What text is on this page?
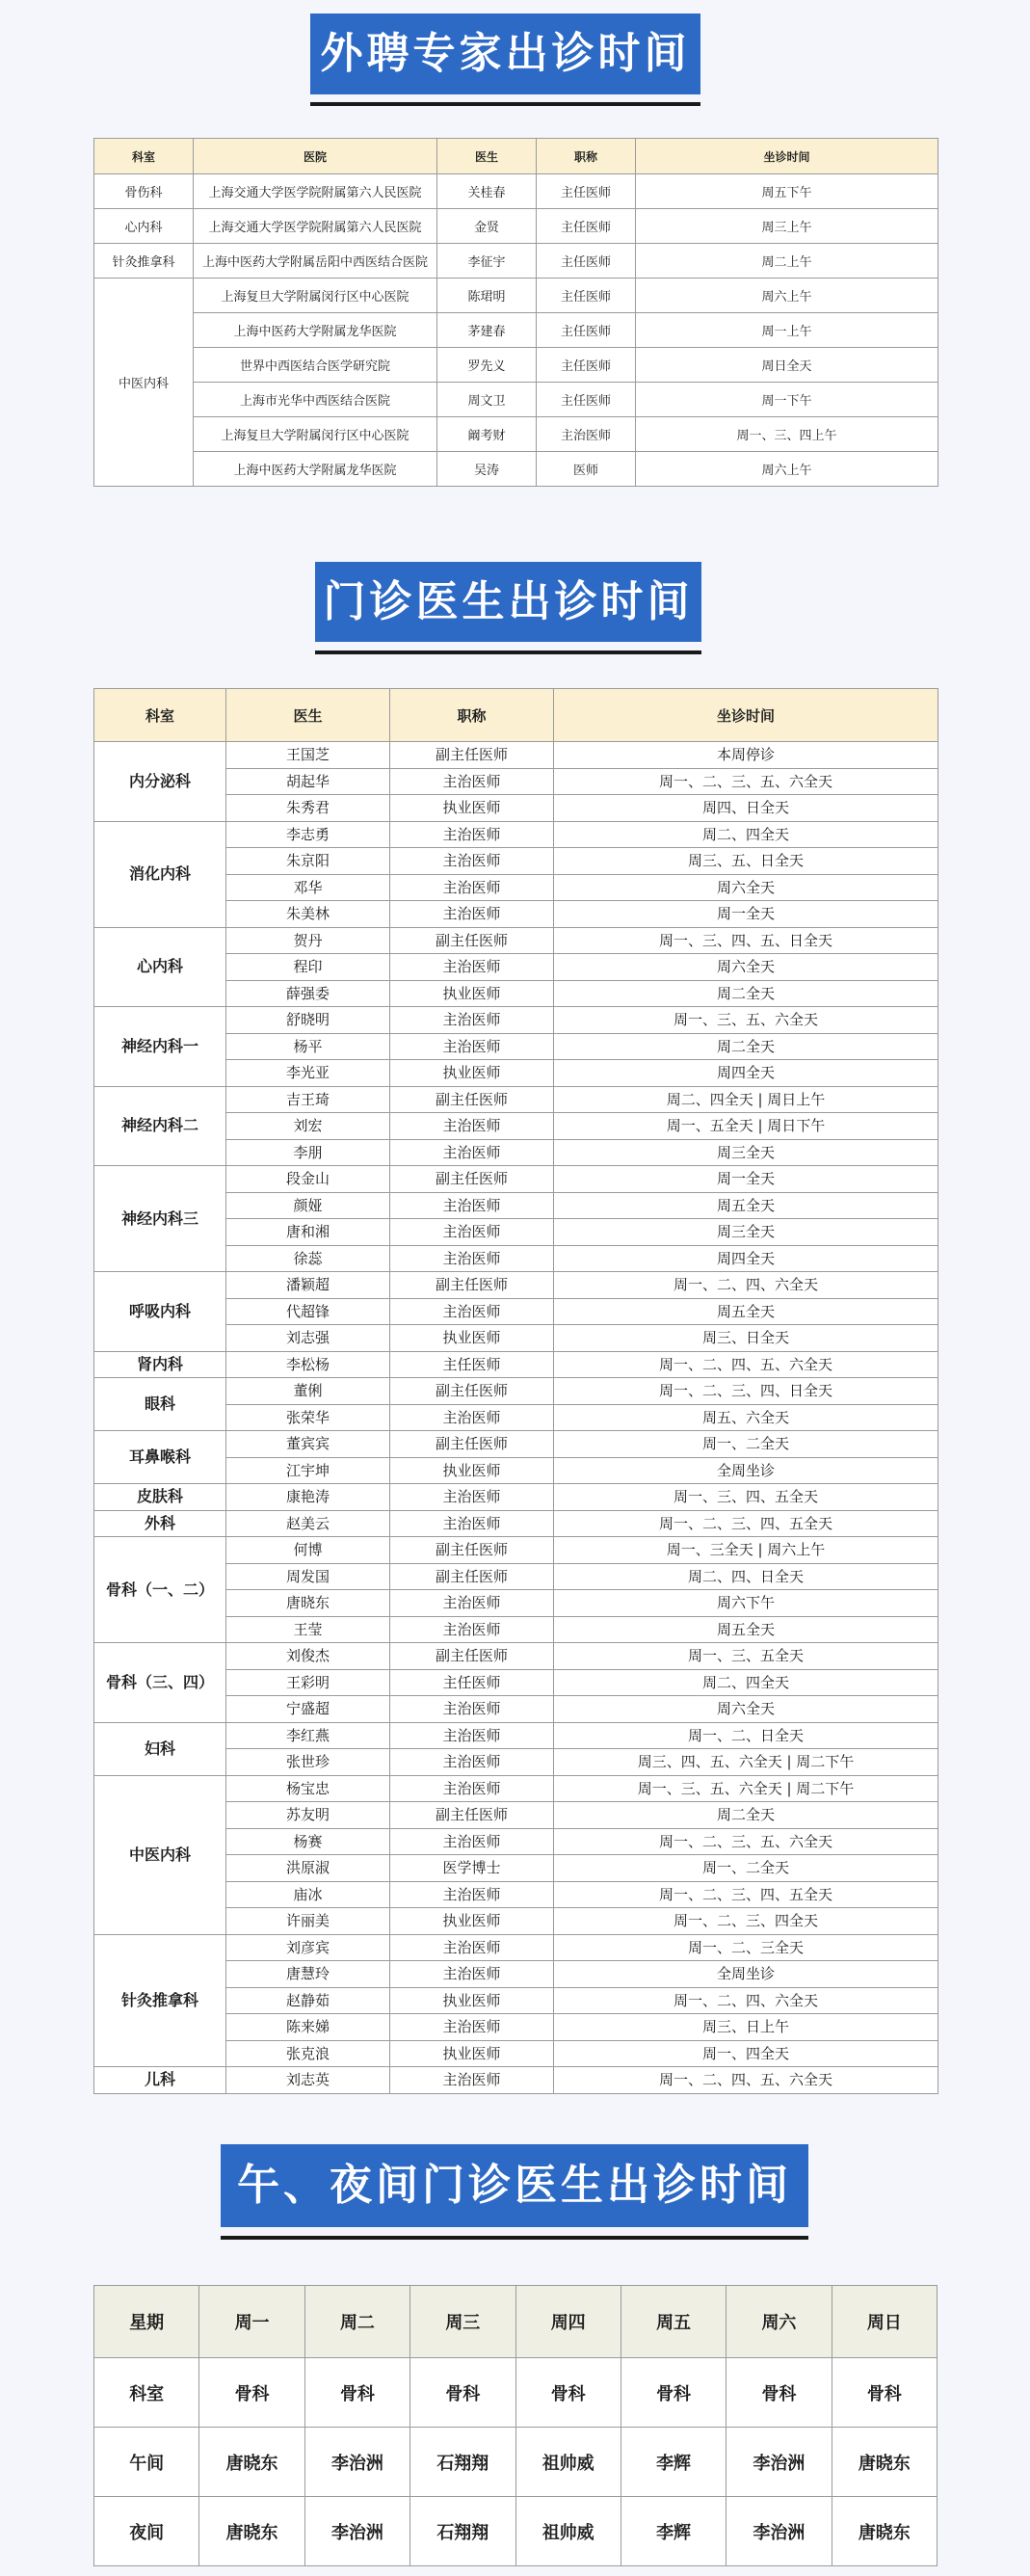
外聘专家出诊时间
科室	医院	医生	职称	坐诊时间
骨伤科	上海交通大学医学院附属第六人民医院	关桂春	主任医师	周五下午
心内科	上海交通大学医学院附属第六人民医院	金贤	主任医师	周三上午
针灸推拿科	上海中医药大学附属岳阳中西医结合医院	李征宇	主任医师	周二上午
中医内科	上海复旦大学附属闵行区中心医院	陈珺明	主任医师	周六上午
	上海中医药大学附属龙华医院	茅建春	主任医师	周一上午
	世界中西医结合医学研究院	罗先义	主任医师	周日全天
	上海市光华中西医结合医院	周文卫	主任医师	周一下午
	上海复旦大学附属闵行区中心医院	阚考财	主治医师	周一、三、四上午
	上海中医药大学附属龙华医院	吴涛	医师	周六上午
门诊医生出诊时间
科室	医生	职称	坐诊时间
内分泌科	王国芝	副主任医师	本周停诊
	胡起华	主治医师	周一、二、三、五、六全天
	朱秀君	执业医师	周四、日全天
消化内科	李志勇	主治医师	周二、四全天
	朱京阳	主治医师	周三、五、日全天
	邓华	主治医师	周六全天
	朱美林	主治医师	周一全天
心内科	贺丹	副主任医师	周一、三、四、五、日全天
	程印	主治医师	周六全天
	薛强委	执业医师	周二全天
神经内科一	舒晓明	主治医师	周一、三、五、六全天
	杨平	主治医师	周二全天
	李光亚	执业医师	周四全天
神经内科二	吉王琦	副主任医师	周二、四全天 | 周日上午
	刘宏	主治医师	周一、五全天 | 周日下午
	李朋	主治医师	周三全天
神经内科三	段金山	副主任医师	周一全天
	颜娅	主治医师	周五全天
	唐和湘	主治医师	周三全天
	徐蕊	主治医师	周四全天
呼吸内科	潘颖超	副主任医师	周一、二、四、六全天
	代超锋	主治医师	周五全天
	刘志强	执业医师	周三、日全天
肾内科	李松杨	主任医师	周一、二、四、五、六全天
眼科	董俐	副主任医师	周一、二、三、四、日全天
	张荣华	主治医师	周五、六全天
耳鼻喉科	董宾宾	副主任医师	周一、二全天
	江宇坤	执业医师	全周坐诊
皮肤科	康艳涛	主治医师	周一、三、四、五全天
外科	赵美云	主治医师	周一、二、三、四、五全天
骨科（一、二）	何博	副主任医师	周一、三全天 | 周六上午
	周发国	副主任医师	周二、四、日全天
	唐晓东	主治医师	周六下午
	王莹	主治医师	周五全天
骨科（三、四）	刘俊杰	副主任医师	周一、三、五全天
	王彩明	主任医师	周二、四全天
	宁盛超	主治医师	周六全天
妇科	李红燕	主治医师	周一、二、日全天
	张世珍	主治医师	周三、四、五、六全天 | 周二下午
中医内科	杨宝忠	主治医师	周一、三、五、六全天 | 周二下午
	苏友明	副主任医师	周二全天
	杨赛	主治医师	周一、二、三、五、六全天
	洪原淑	医学博士	周一、二全天
	庙冰	主治医师	周一、二、三、四、五全天
	许丽美	执业医师	周一、二、三、四全天
针灸推拿科	刘彦宾	主治医师	周一、二、三全天
	唐慧玲	主治医师	全周坐诊
	赵静茹	执业医师	周一、二、四、六全天
	陈来娣	主治医师	周三、日上午
	张克浪	执业医师	周一、四全天
儿科	刘志英	主治医师	周一、二、四、五、六全天
午、夜间门诊医生出诊时间
星期	周一	周二	周三	周四	周五	周六	周日
科室	骨科	骨科	骨科	骨科	骨科	骨科	骨科
午间	唐晓东	李治洲	石翔翔	祖帅威	李辉	李治洲	唐晓东
夜间	唐晓东	李治洲	石翔翔	祖帅威	李辉	李治洲	唐晓东
